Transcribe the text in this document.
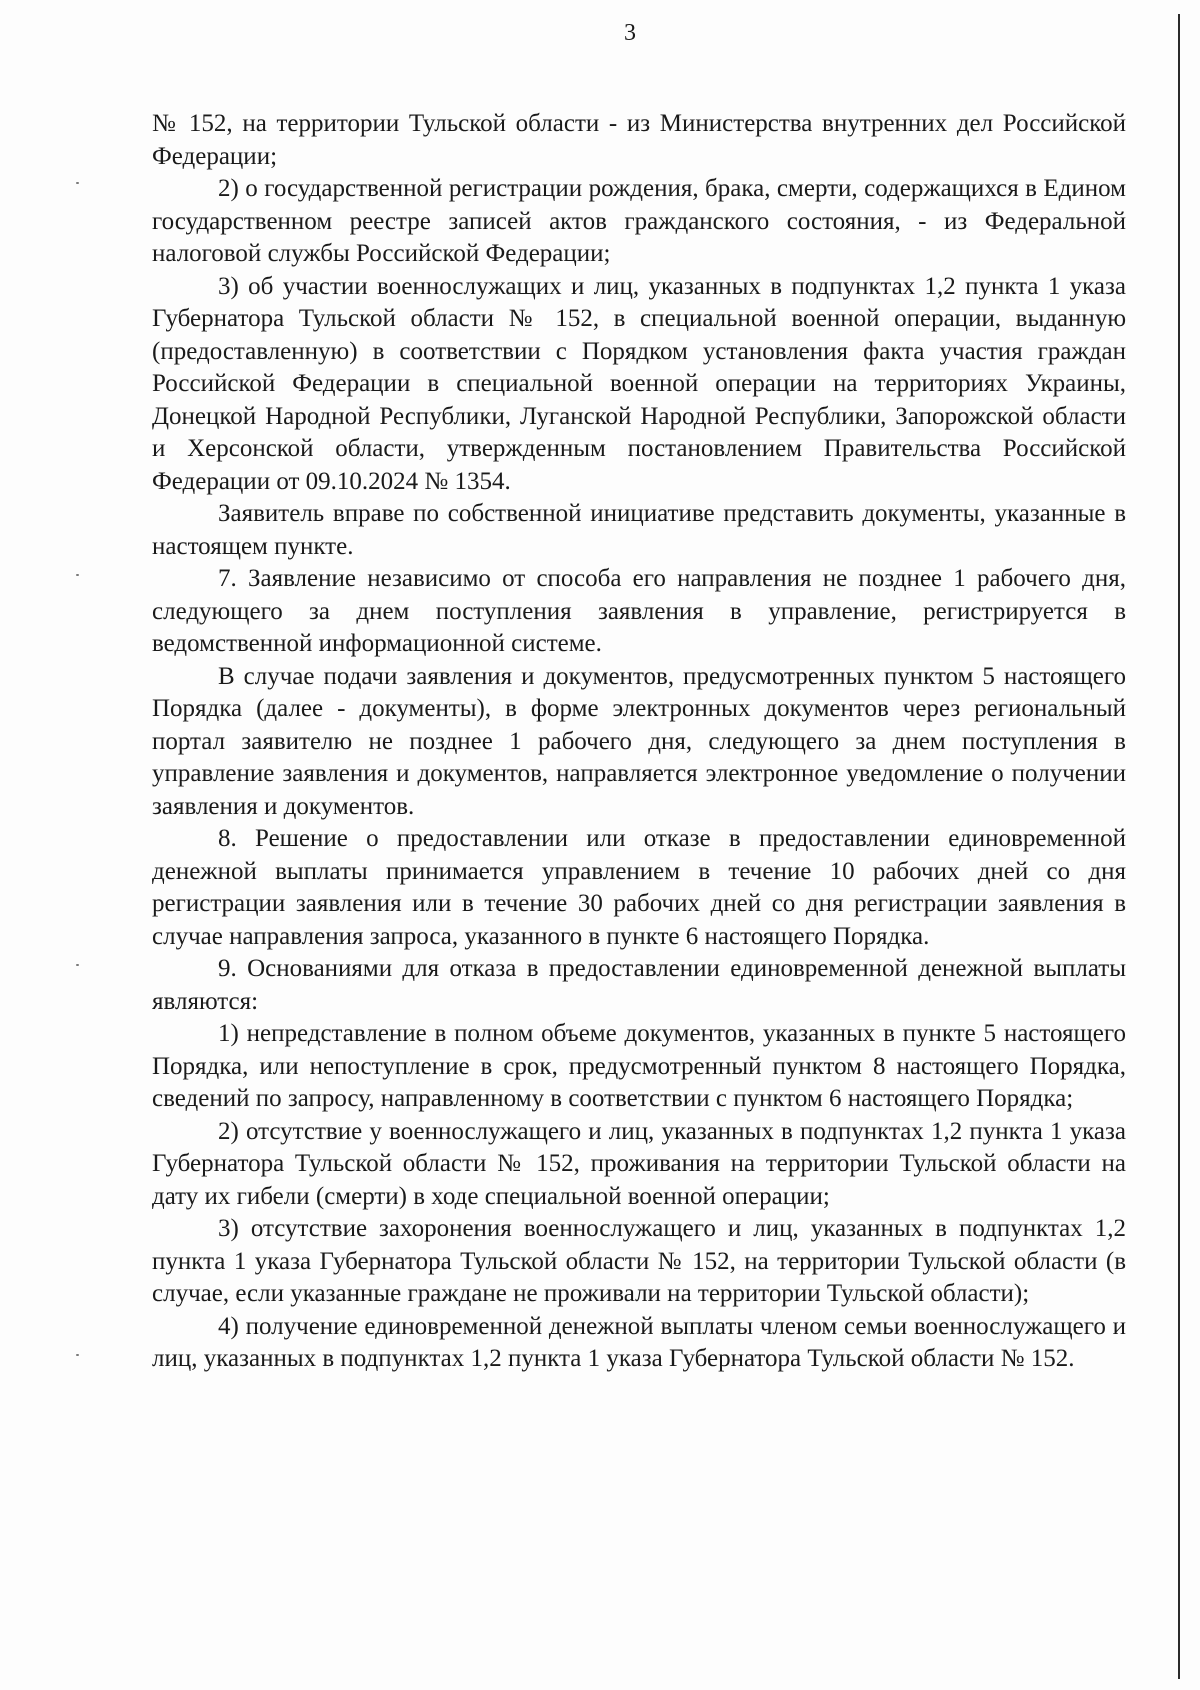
3

№ 152, на территории Тульской области - из Министерства внутренних дел Российской Федерации;

2) о государственной регистрации рождения, брака, смерти, содержащихся в Едином государственном реестре записей актов гражданского состояния, - из Федеральной налоговой службы Российской Федерации;

3) об участии военнослужащих и лиц, указанных в подпунктах 1,2 пункта 1 указа Губернатора Тульской области № 152, в специальной военной операции, выданную (предоставленную) в соответствии с Порядком установления факта участия граждан Российской Федерации в специальной военной операции на территориях Украины, Донецкой Народной Республики, Луганской Народной Республики, Запорожской области и Херсонской области, утвержденным постановлением Правительства Российской Федерации от 09.10.2024 № 1354.

Заявитель вправе по собственной инициативе представить документы, указанные в настоящем пункте.

7. Заявление независимо от способа его направления не позднее 1 рабочего дня, следующего за днем поступления заявления в управление, регистрируется в ведомственной информационной системе.

В случае подачи заявления и документов, предусмотренных пунктом 5 настоящего Порядка (далее - документы), в форме электронных документов через региональный портал заявителю не позднее 1 рабочего дня, следующего за днем поступления в управление заявления и документов, направляется электронное уведомление о получении заявления и документов.

8. Решение о предоставлении или отказе в предоставлении единовременной денежной выплаты принимается управлением в течение 10 рабочих дней со дня регистрации заявления или в течение 30 рабочих дней со дня регистрации заявления в случае направления запроса, указанного в пункте 6 настоящего Порядка.

9. Основаниями для отказа в предоставлении единовременной денежной выплаты являются:

1) непредставление в полном объеме документов, указанных в пункте 5 настоящего Порядка, или непоступление в срок, предусмотренный пунктом 8 настоящего Порядка, сведений по запросу, направленному в соответствии с пунктом 6 настоящего Порядка;

2) отсутствие у военнослужащего и лиц, указанных в подпунктах 1,2 пункта 1 указа Губернатора Тульской области № 152, проживания на территории Тульской области на дату их гибели (смерти) в ходе специальной военной операции;

3) отсутствие захоронения военнослужащего и лиц, указанных в подпунктах 1,2 пункта 1 указа Губернатора Тульской области № 152, на территории Тульской области (в случае, если указанные граждане не проживали на территории Тульской области);

4) получение единовременной денежной выплаты членом семьи военнослужащего и лиц, указанных в подпунктах 1,2 пункта 1 указа Губернатора Тульской области № 152.
